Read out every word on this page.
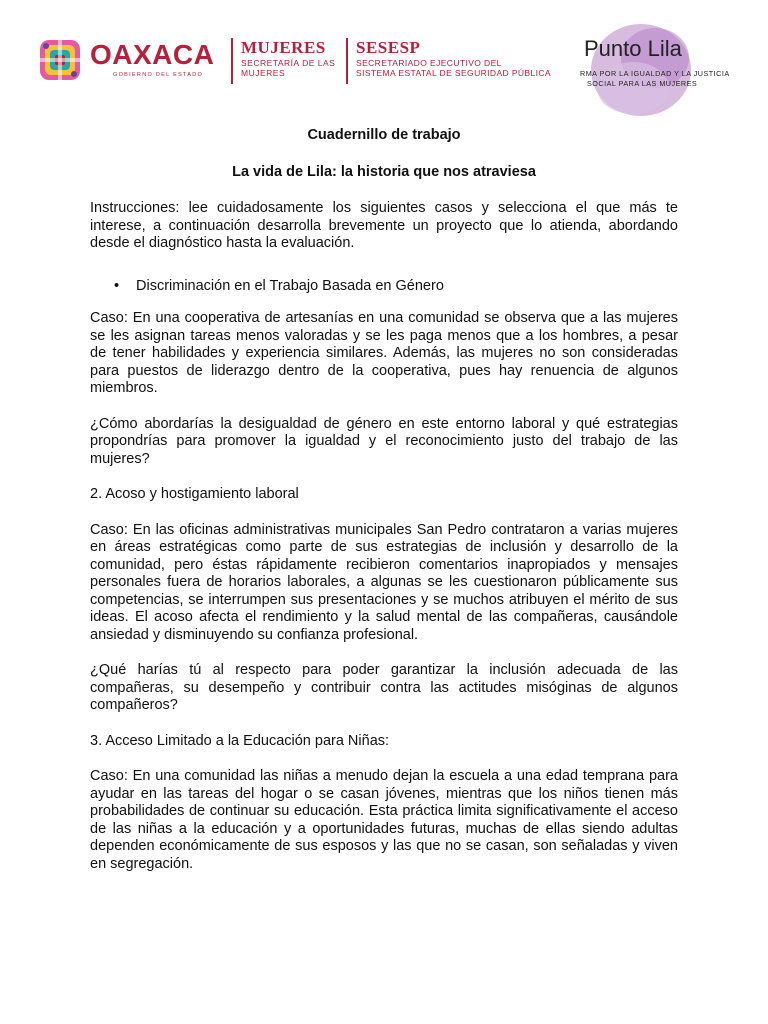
OAXACA
GOBIERNO DEL ESTADO
MUJERES
SECRETARÍA DE LAS MUJERES
SESESP
SECRETARIADO EJECUTIVO DEL
SISTEMA ESTATAL DE SEGURIDAD PÚBLICA
Punto Lila
RMA POR LA IGUALDAD Y LA JUSTICIA
SOCIAL PARA LAS MUJERES

Cuadernillo de trabajo

La vida de Lila: la historia que nos atraviesa

Instrucciones: lee cuidadosamente los siguientes casos y selecciona el que más te interese, a continuación desarrolla brevemente un proyecto que lo atienda, abordando desde el diagnóstico hasta la evaluación.

• Discriminación en el Trabajo Basada en Género

Caso: En una cooperativa de artesanías en una comunidad se observa que a las mujeres se les asignan tareas menos valoradas y se les paga menos que a los hombres, a pesar de tener habilidades y experiencia similares. Además, las mujeres no son consideradas para puestos de liderazgo dentro de la cooperativa, pues hay renuencia de algunos miembros.

¿Cómo abordarías la desigualdad de género en este entorno laboral y qué estrategias propondrías para promover la igualdad y el reconocimiento justo del trabajo de las mujeres?

2. Acoso y hostigamiento laboral

Caso: En las oficinas administrativas municipales San Pedro contrataron a varias mujeres en áreas estratégicas como parte de sus estrategias de inclusión y desarrollo de la comunidad, pero éstas rápidamente recibieron comentarios inapropiados y mensajes personales fuera de horarios laborales, a algunas se les cuestionaron públicamente sus competencias, se interrumpen sus presentaciones y se muchos atribuyen el mérito de sus ideas. El acoso afecta el rendimiento y la salud mental de las compañeras, causándole ansiedad y disminuyendo su confianza profesional.

¿Qué harías tú al respecto para poder garantizar la inclusión adecuada de las compañeras, su desempeño y contribuir contra las actitudes misóginas de algunos compañeros?

3. Acceso Limitado a la Educación para Niñas:

Caso: En una comunidad las niñas a menudo dejan la escuela a una edad temprana para ayudar en las tareas del hogar o se casan jóvenes, mientras que los niños tienen más probabilidades de continuar su educación. Esta práctica limita significativamente el acceso de las niñas a la educación y a oportunidades futuras, muchas de ellas siendo adultas dependen económicamente de sus esposos y las que no se casan, son señaladas y viven en segregación.
